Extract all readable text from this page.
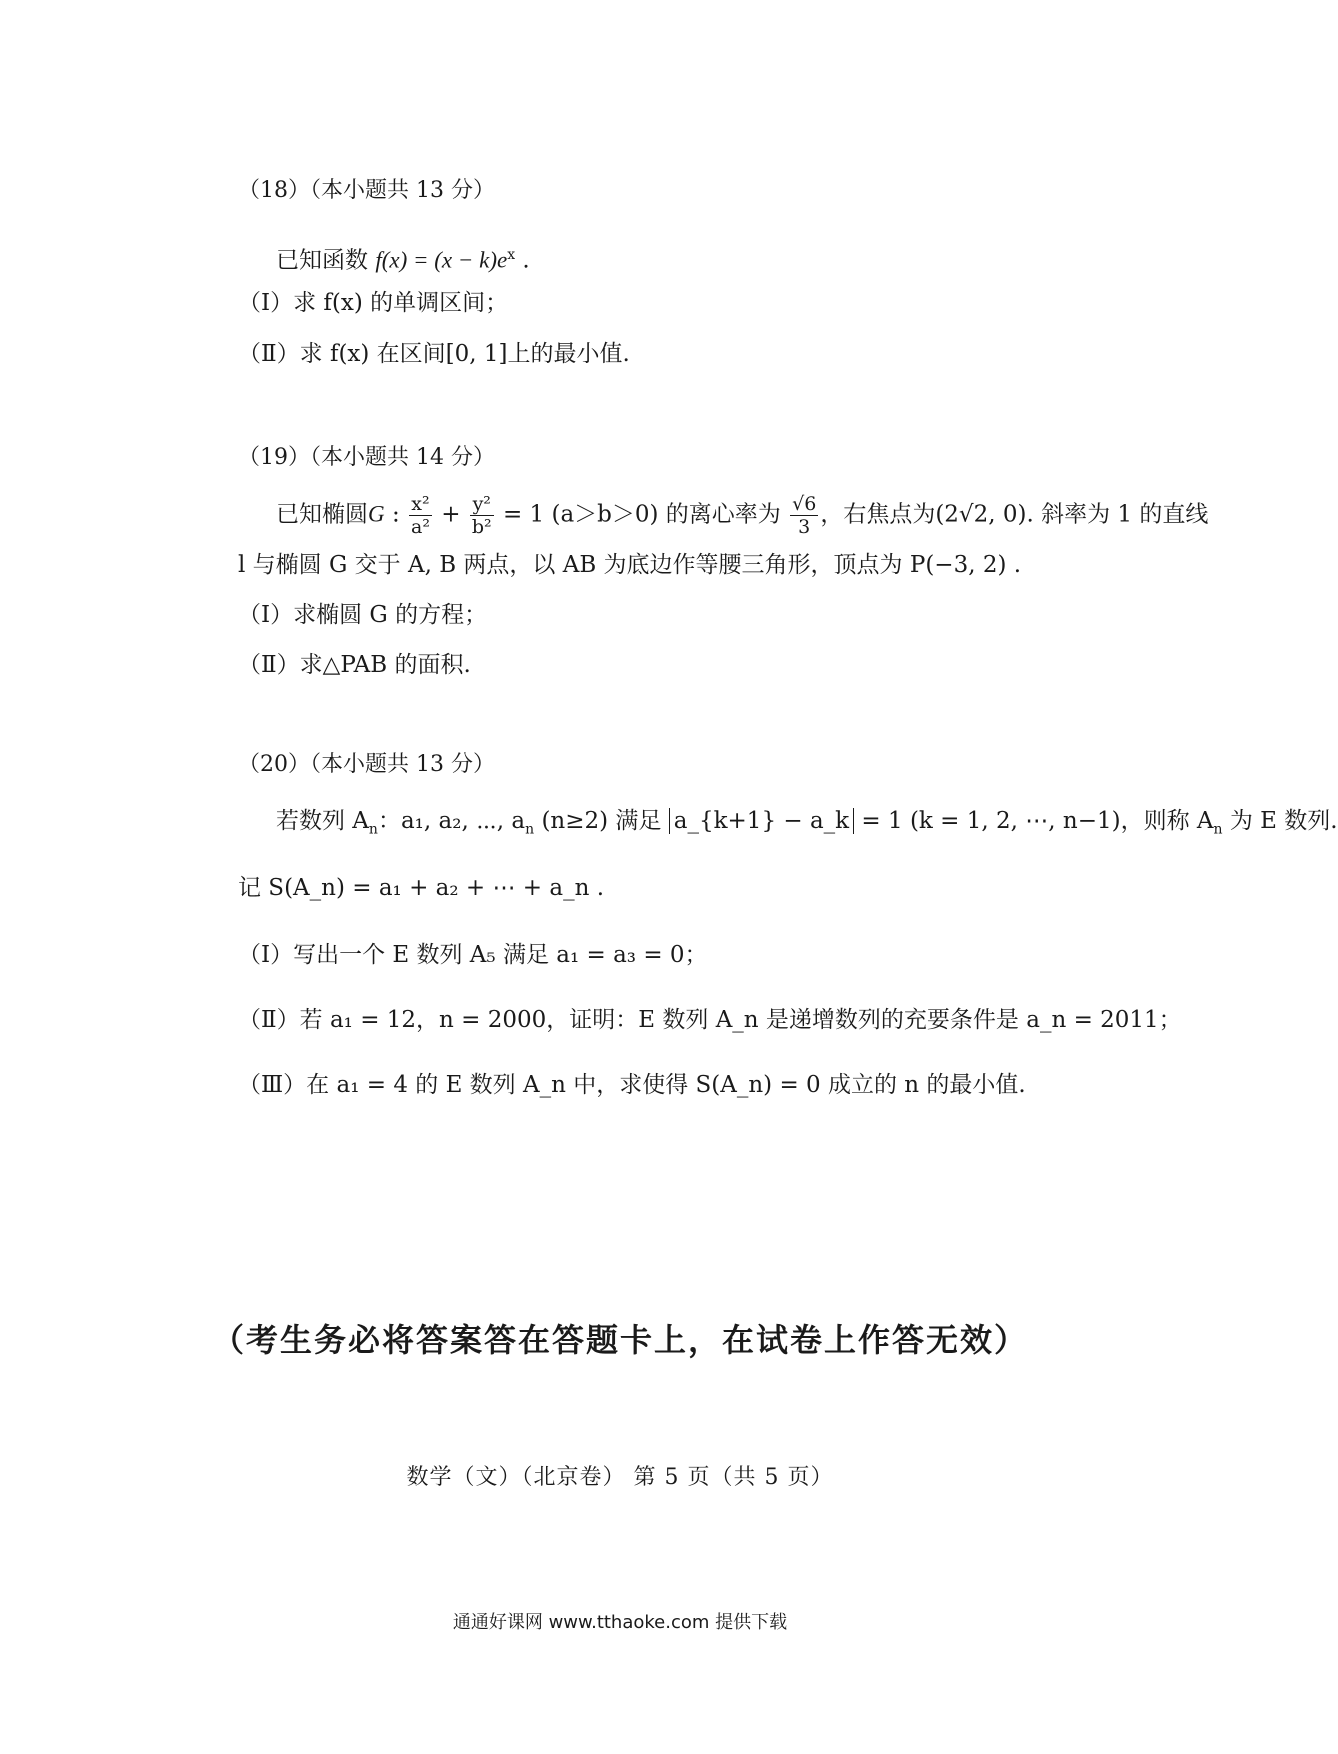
（18）（本小题共 13 分）
已知函数 $f(x) = (x - k)e^x$ .
（Ⅰ）求 f(x) 的单调区间；
（Ⅱ）求 f(x) 在区间[0, 1]上的最小值.
（19）（本小题共 14 分）
已知椭圆G : $\frac{\text{x²}}{\text{a²}} + \frac{\text{y²}}{\text{b²}} = 1$ (a＞b＞0) 的离心率为 $\frac{√6}{3}$ ，右焦点为(2√2, 0). 斜率为 1 的直线
l 与椭圆 G 交于 A, B 两点，以 AB 为底边作等腰三角形，顶点为 P(−3, 2) .
（Ⅰ）求椭圆 G 的方程；
（Ⅱ）求△PAB 的面积.
（20）（本小题共 13 分）
若数列 $A_n$：a₁, a₂, ⋯, $a_n$ (n≥2) 满足 a_{k+1} − a_k = 1 (k = 1, 2, ⋯, n−1)，则称 $A_n$ 为 E 数列.
记 S(A_n) = a₁ + a₂ + ⋯ + a_n .
（Ⅰ）写出一个 E 数列 A₅ 满足 a₁ = a₃ = 0；
（Ⅱ）若 a₁ = 12，n = 2000，证明：E 数列 A_n 是递增数列的充要条件是 a_n = 2011；
（Ⅲ）在 a₁ = 4 的 E 数列 A_n 中，求使得 S(A_n) = 0 成立的 n 的最小值.
（考生务必将答案答在答题卡上，在试卷上作答无效）
数学（文）（北京卷） 第 5 页（共 5 页）
通通好课网 www.tthaoke.com 提供下载
